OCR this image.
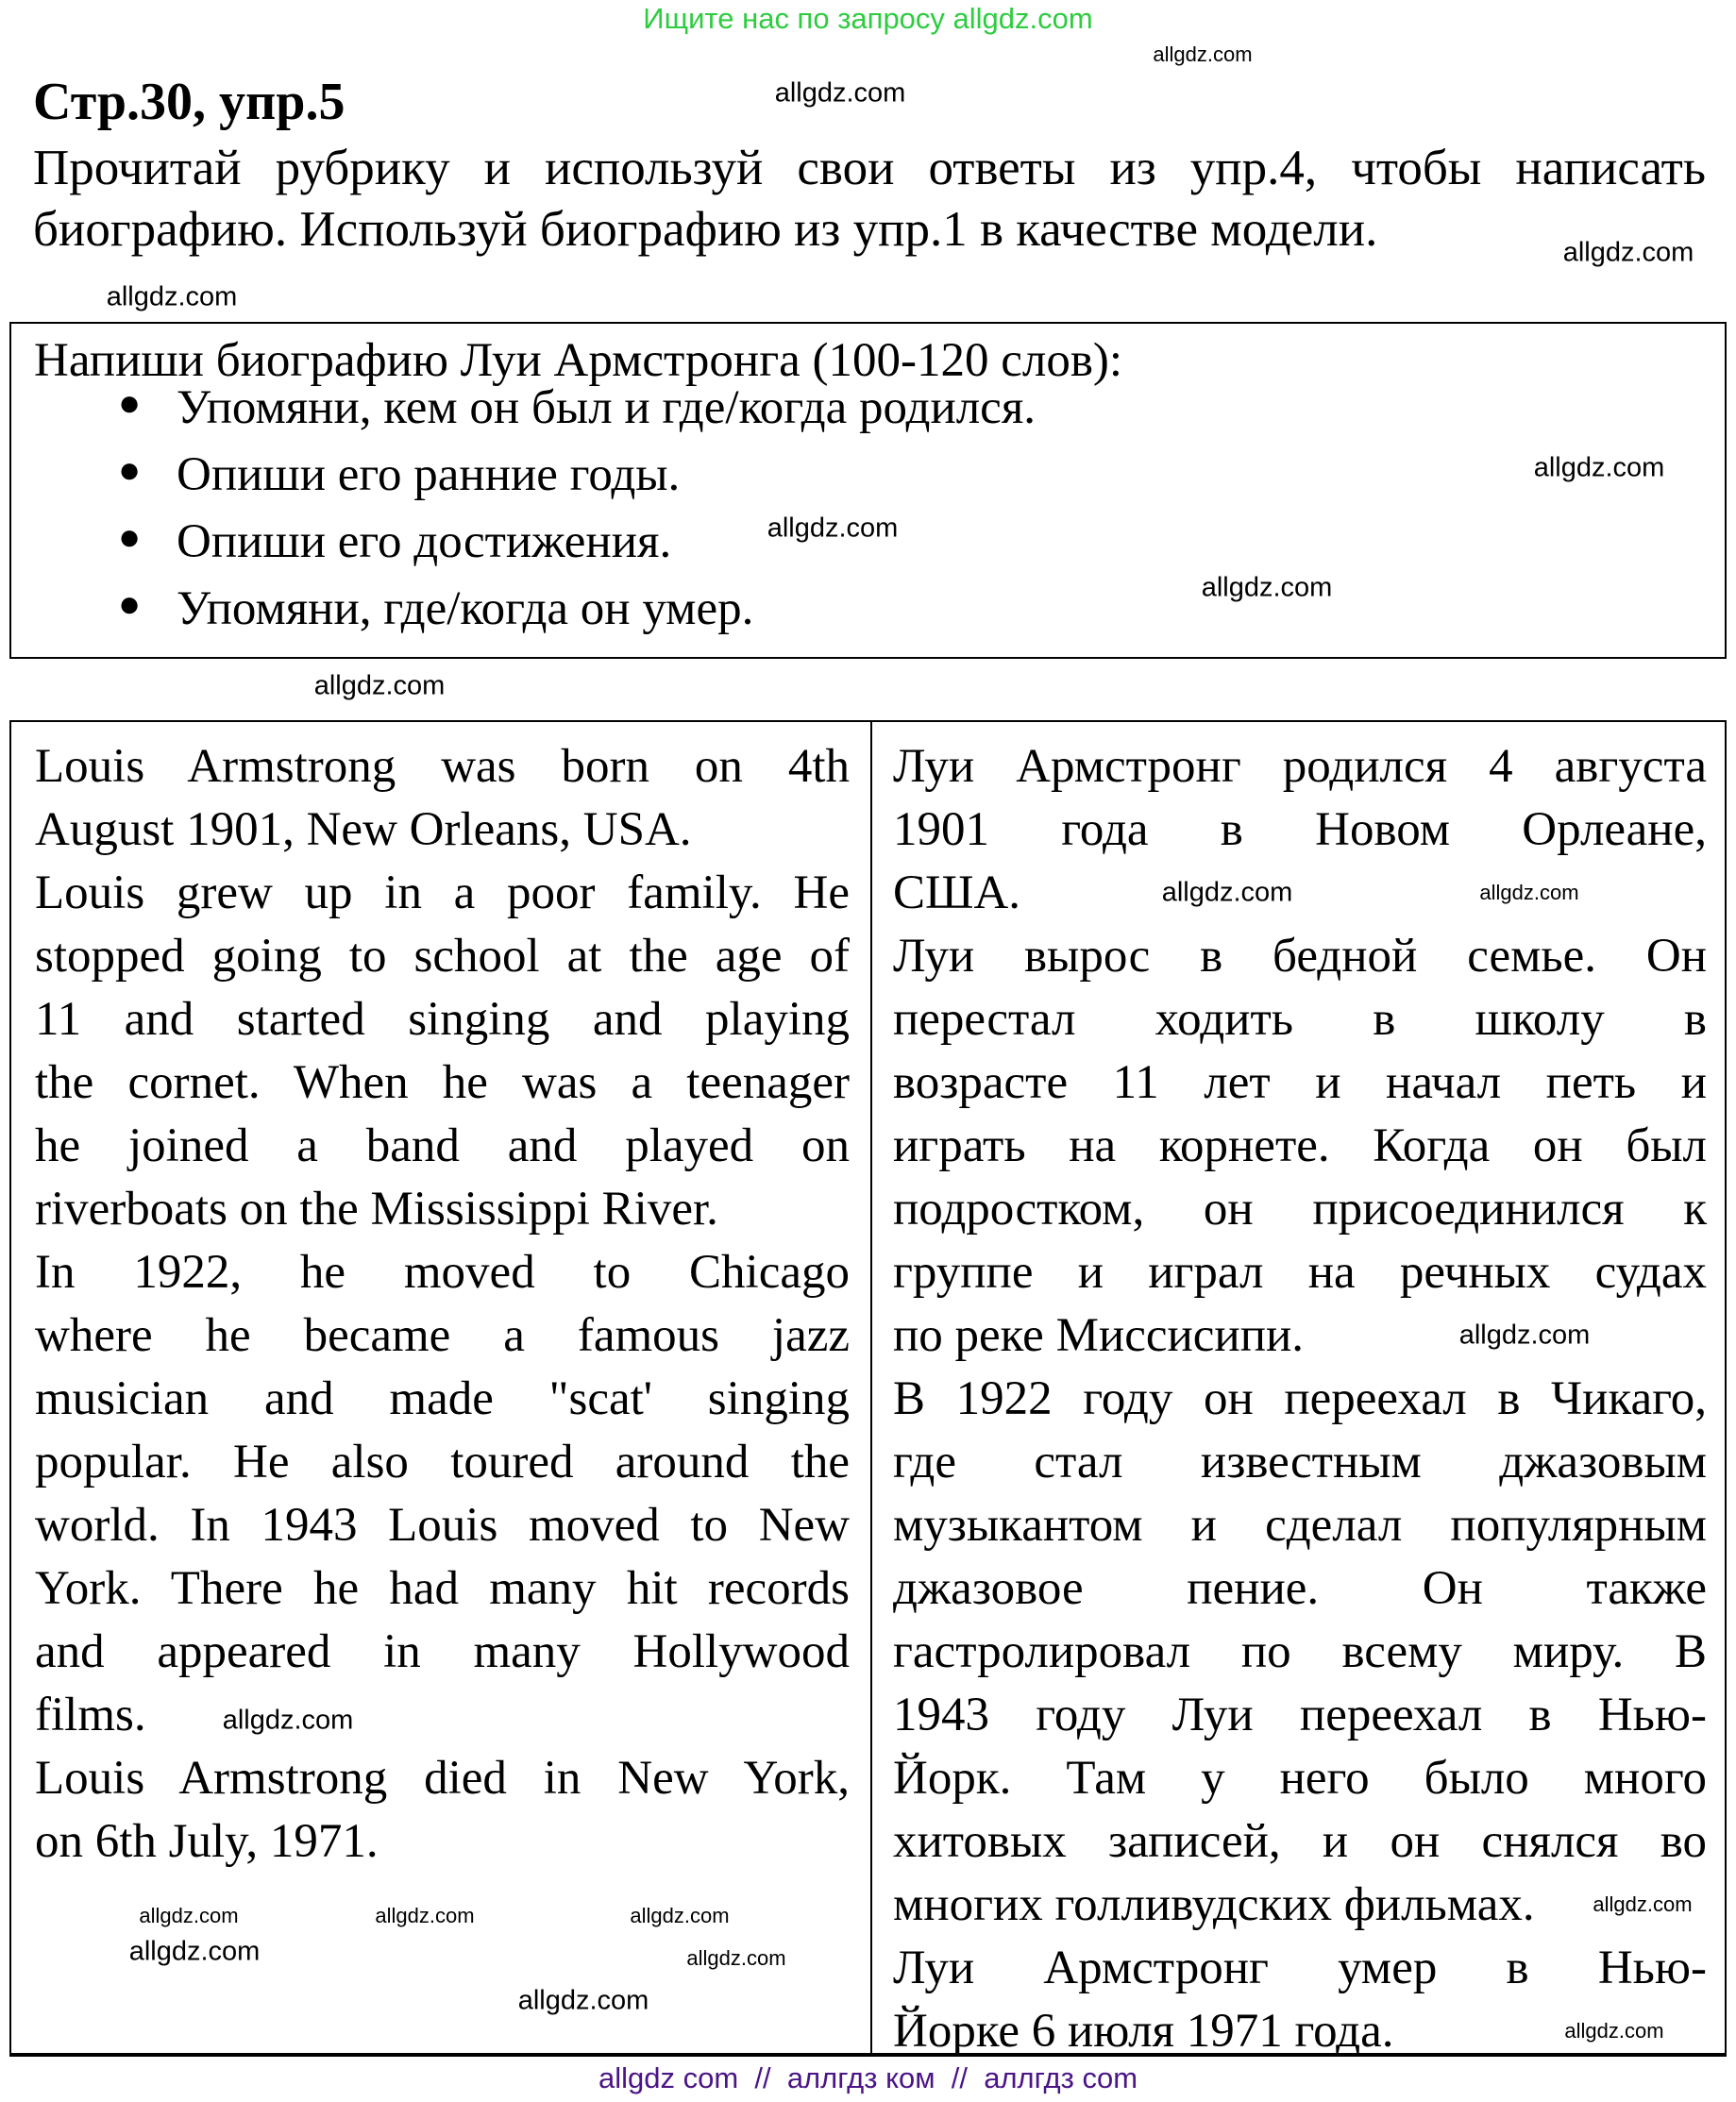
Ищите нас по запросу allgdz.com
Стр.30, упр.5
Прочитай рубрику и используй свои ответы из упр.4, чтобы написать
биографию. Используй биографию из упр.1 в качестве модели.
Напиши биографию Луи Армстронга (100-120 слов):
● Упомяни, кем он был и где/когда родился.
● Опиши его ранние годы.
● Опиши его достижения.
● Упомяни, где/когда он умер.
Louis Armstrong was born on 4th
August 1901, New Orleans, USA.
Louis grew up in a poor family. He
stopped going to school at the age of
11 and started singing and playing
the cornet. When he was a teenager
he joined a band and played on
riverboats on the Mississippi River.
In 1922, he moved to Chicago
where he became a famous jazz
musician and made "scat' singing
popular. He also toured around the
world. In 1943 Louis moved to New
York. There he had many hit records
and appeared in many Hollywood
films.
Louis Armstrong died in New York,
on 6th July, 1971.
Луи Армстронг родился 4 августа
1901 года в Новом Орлеане,
США.
Луи вырос в бедной семье. Он
перестал ходить в школу в
возрасте 11 лет и начал петь и
играть на корнете. Когда он был
подростком, он присоединился к
группе и играл на речных судах
по реке Миссисипи.
В 1922 году он переехал в Чикаго,
где стал известным джазовым
музыкантом и сделал популярным
джазовое пение. Он также
гастролировал по всему миру. В
1943 году Луи переехал в Нью-
Йорк. Там у него было много
хитовых записей, и он снялся во
многих голливудских фильмах.
Луи Армстронг умер в Нью-
Йорке 6 июля 1971 года.
allgdz.com
allgdz.com
allgdz.com
allgdz.com
allgdz.com
allgdz.com
allgdz.com
allgdz.com
allgdz.com	allgdz.com
allgdz.com
allgdz.com
allgdz.com
allgdz.com	allgdz.com	allgdz.com
allgdz.com
allgdz.com
allgdz.com
allgdz.com
allgdz com  //  аллгдз ком  //  аллгдз com
